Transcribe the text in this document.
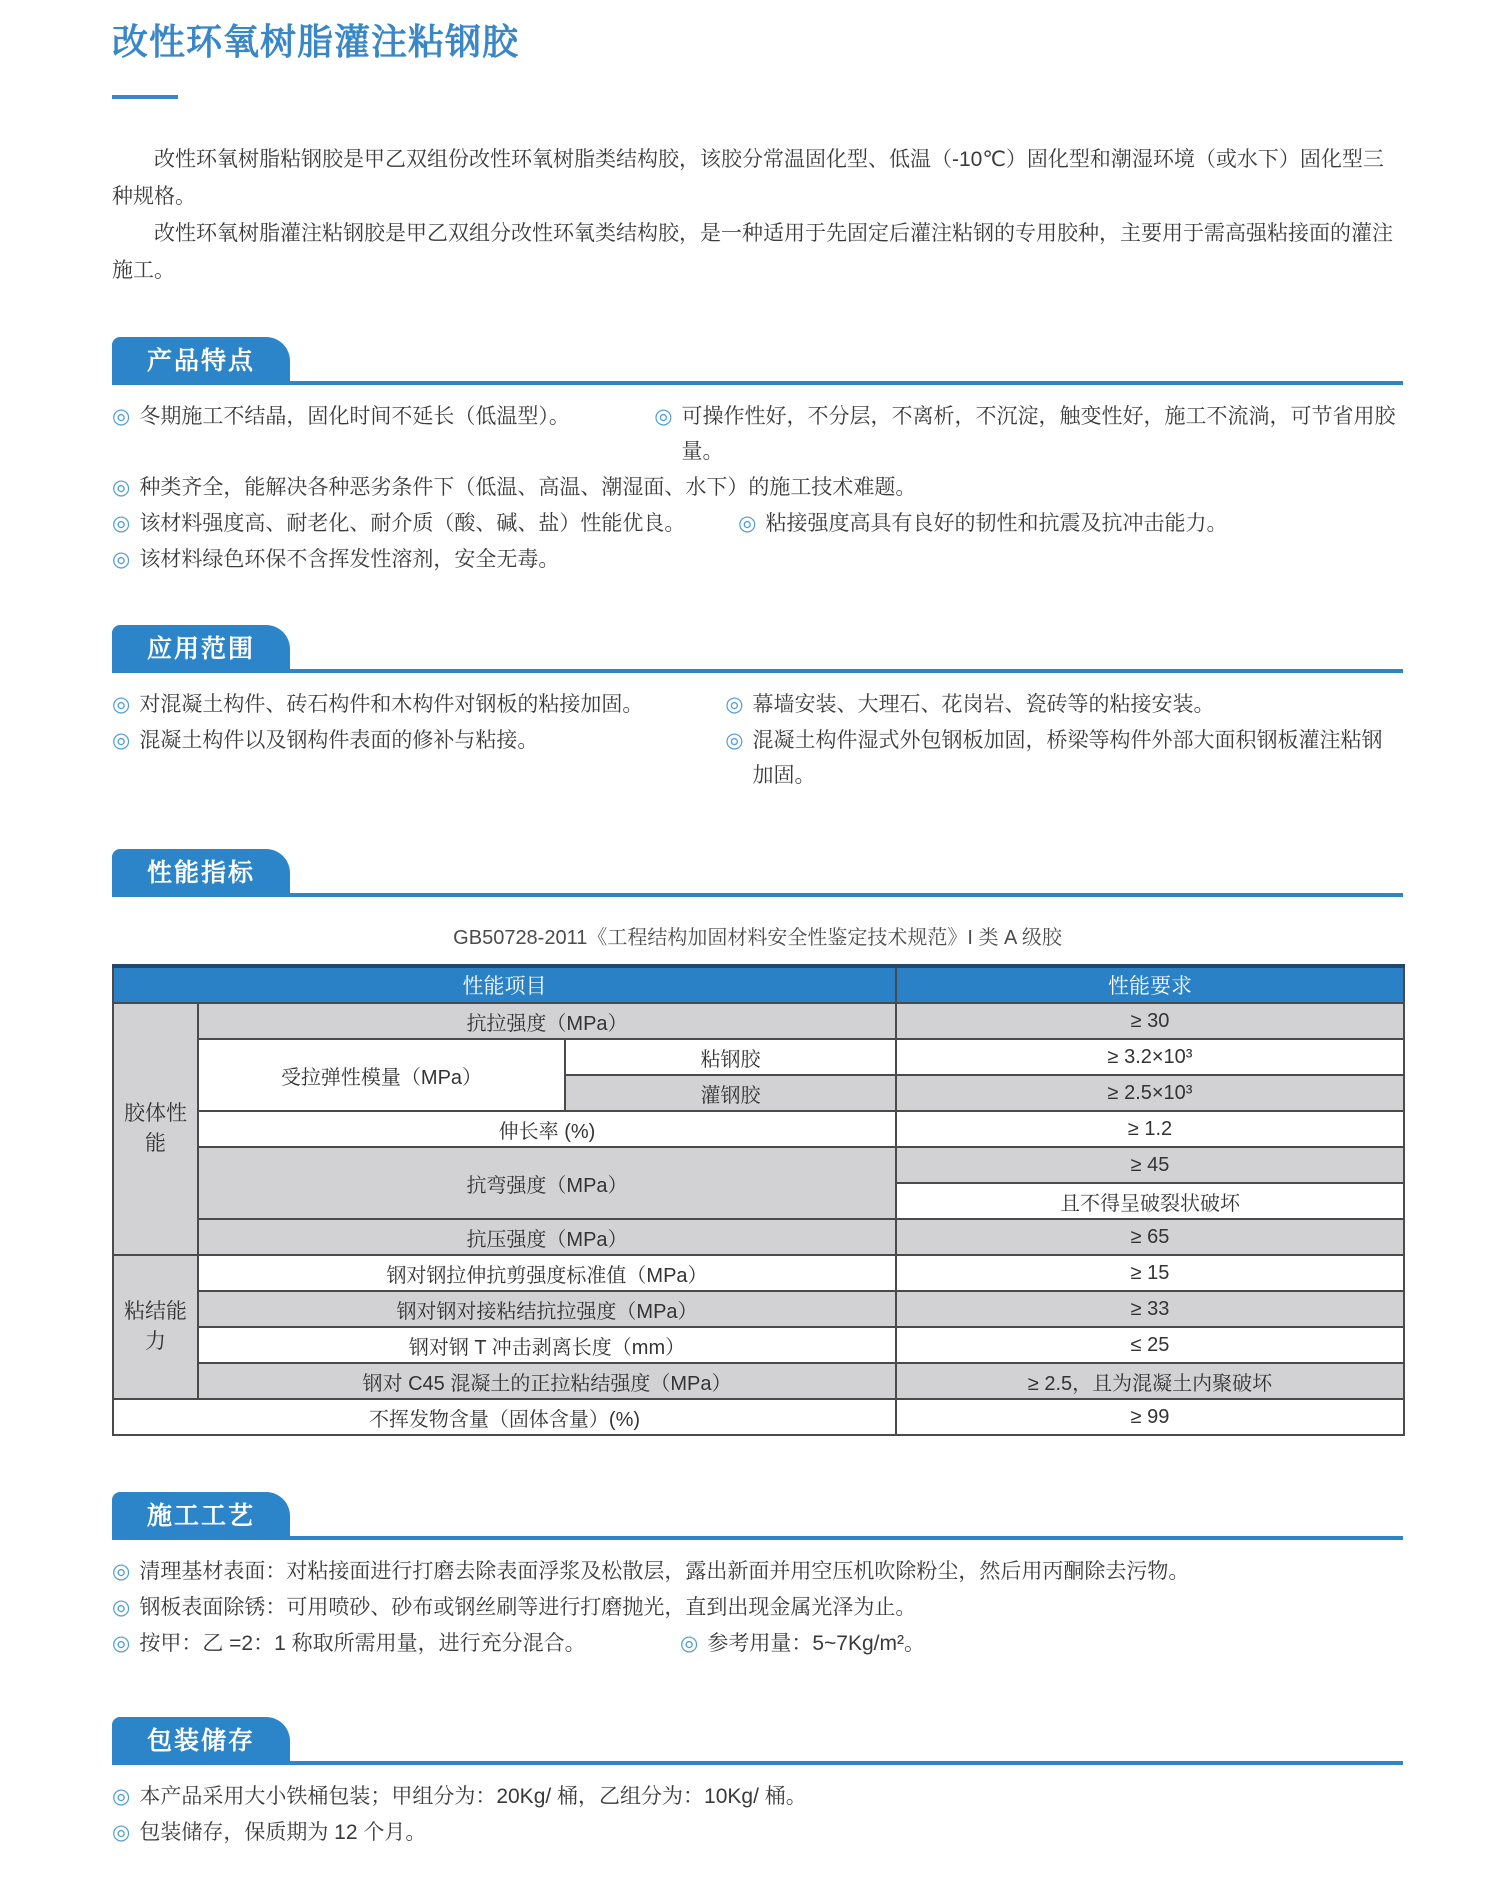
改性环氧树脂灌注粘钢胶

改性环氧树脂粘钢胶是甲乙双组份改性环氧树脂类结构胶，该胶分常温固化型、低温（-10℃）固化型和潮湿环境（或水下）固化型三种规格。

改性环氧树脂灌注粘钢胶是甲乙双组分改性环氧类结构胶，是一种适用于先固定后灌注粘钢的专用胶种，主要用于需高强粘接面的灌注施工。

产品特点
◎ 冬期施工不结晶，固化时间不延长（低温型）。	◎ 可操作性好，不分层，不离析，不沉淀，触变性好，施工不流淌，可节省用胶量。
◎ 种类齐全，能解决各种恶劣条件下（低温、高温、潮湿面、水下）的施工技术难题。
◎ 该材料强度高、耐老化、耐介质（酸、碱、盐）性能优良。	◎ 粘接强度高具有良好的韧性和抗震及抗冲击能力。
◎ 该材料绿色环保不含挥发性溶剂，安全无毒。
应用范围
◎ 对混凝土构件、砖石构件和木构件对钢板的粘接加固。	◎ 幕墙安装、大理石、花岗岩、瓷砖等的粘接安装。
◎ 混凝土构件以及钢构件表面的修补与粘接。	◎ 混凝土构件湿式外包钢板加固，桥梁等构件外部大面积钢板灌注粘钢加固。
性能指标

GB50728-2011《工程结构加固材料安全性鉴定技术规范》I 类 A 级胶

性能项目			性能要求
胶体性能	抗拉强度（MPa）		≥ 30
	受拉弹性模量（MPa）	粘钢胶	≥ 3.2×10³
		灌钢胶	≥ 2.5×10³
	伸长率 (%)		≥ 1.2
	抗弯强度（MPa）		≥ 45
			且不得呈破裂状破坏
	抗压强度（MPa）		≥ 65
粘结能力	钢对钢拉伸抗剪强度标准值（MPa）		≥ 15
	钢对钢对接粘结抗拉强度（MPa）		≥ 33
	钢对钢 T 冲击剥离长度（mm）		≤ 25
	钢对 C45 混凝土的正拉粘结强度（MPa）		≥ 2.5，且为混凝土内聚破坏
不挥发物含量（固体含量）(%)			≥ 99
施工工艺
◎ 清理基材表面：对粘接面进行打磨去除表面浮浆及松散层，露出新面并用空压机吹除粉尘，然后用丙酮除去污物。
◎ 钢板表面除锈：可用喷砂、砂布或钢丝刷等进行打磨抛光，直到出现金属光泽为止。
◎ 按甲：乙 =2：1 称取所需用量，进行充分混合。	◎ 参考用量：5~7Kg/m²。
包装储存
◎ 本产品采用大小铁桶包装；甲组分为：20Kg/ 桶，乙组分为：10Kg/ 桶。
◎ 包装储存，保质期为 12 个月。
